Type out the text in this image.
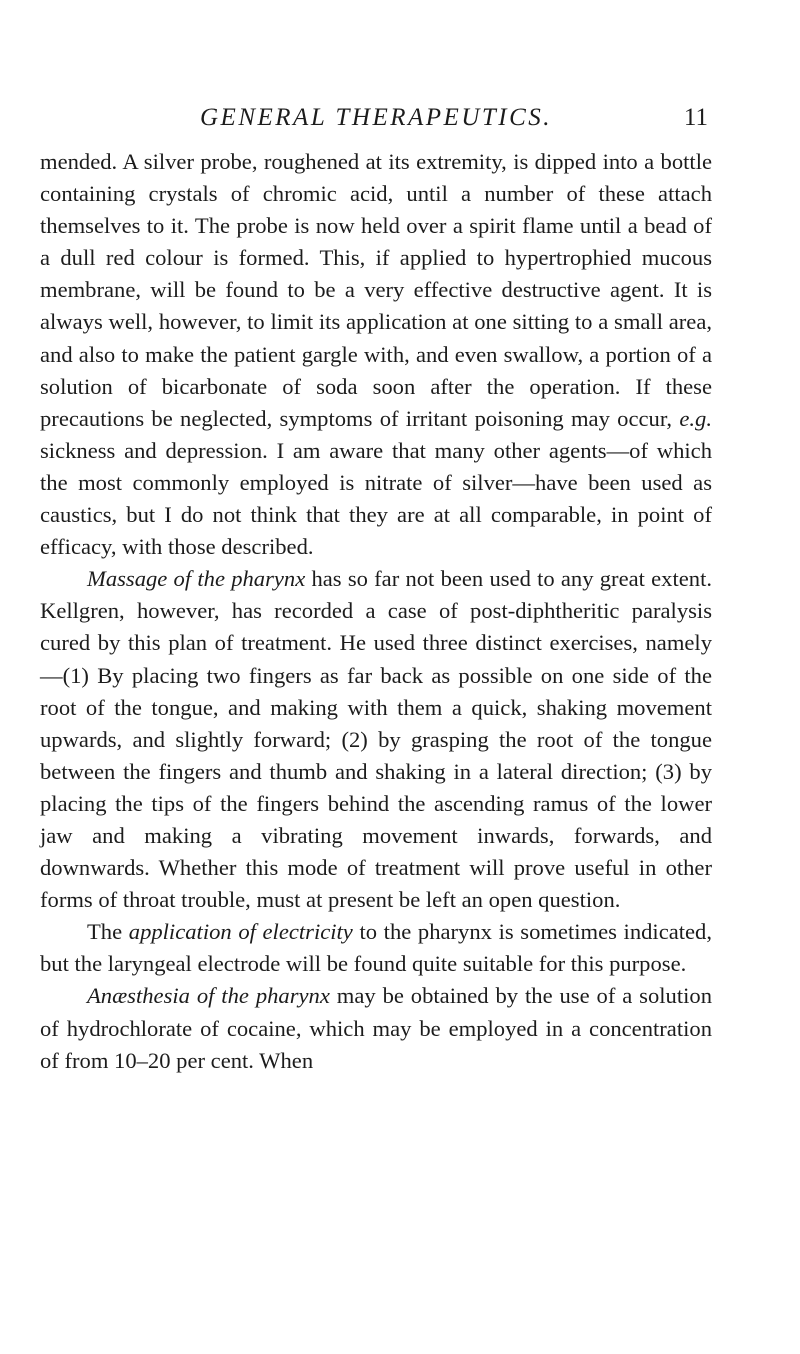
GENERAL THERAPEUTICS.	11

mended. A silver probe, roughened at its extremity, is dipped into a bottle containing crystals of chromic acid, until a number of these attach themselves to it. The probe is now held over a spirit flame until a bead of a dull red colour is formed. This, if applied to hypertrophied mucous membrane, will be found to be a very effective destructive agent. It is always well, however, to limit its application at one sitting to a small area, and also to make the patient gargle with, and even swallow, a portion of a solution of bicarbonate of soda soon after the operation. If these precautions be neglected, symptoms of irritant poisoning may occur, e.g. sickness and depression. I am aware that many other agents—of which the most commonly employed is nitrate of silver—have been used as caustics, but I do not think that they are at all comparable, in point of efficacy, with those described.

Massage of the pharynx has so far not been used to any great extent. Kellgren, however, has recorded a case of post-diphtheritic paralysis cured by this plan of treatment. He used three distinct exercises, namely—(1) By placing two fingers as far back as possible on one side of the root of the tongue, and making with them a quick, shaking movement upwards, and slightly forward; (2) by grasping the root of the tongue between the fingers and thumb and shaking in a lateral direction; (3) by placing the tips of the fingers behind the ascending ramus of the lower jaw and making a vibrating movement inwards, forwards, and downwards. Whether this mode of treatment will prove useful in other forms of throat trouble, must at present be left an open question.

The application of electricity to the pharynx is sometimes indicated, but the laryngeal electrode will be found quite suitable for this purpose.

Anæsthesia of the pharynx may be obtained by the use of a solution of hydrochlorate of cocaine, which may be employed in a concentration of from 10–20 per cent. When
